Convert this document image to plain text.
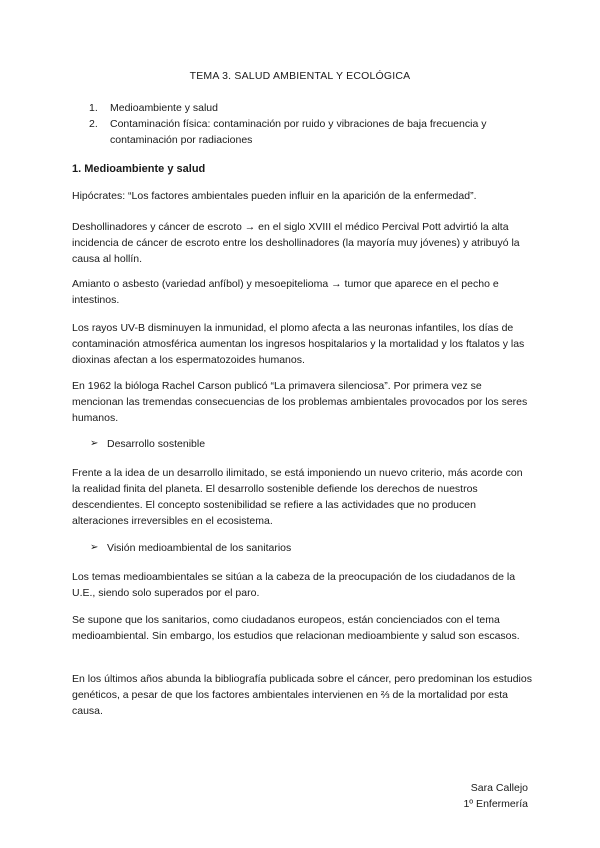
TEMA 3. SALUD AMBIENTAL Y ECOLÓGICA
1.	Medioambiente y salud
2.	Contaminación física: contaminación por ruido y vibraciones de baja frecuencia y contaminación por radiaciones
1. Medioambiente y salud

Hipócrates: “Los factores ambientales pueden influir en la aparición de la enfermedad”.

Deshollinadores y cáncer de escroto → en el siglo XVIII el médico Percival Pott advirtió la alta incidencia de cáncer de escroto entre los deshollinadores (la mayoría muy jóvenes) y atribuyó la causa al hollín.

Amianto o asbesto (variedad anfíbol) y mesoepitelioma → tumor que aparece en el pecho e intestinos.

Los rayos UV-B disminuyen la inmunidad, el plomo afecta a las neuronas infantiles, los días de contaminación atmosférica aumentan los ingresos hospitalarios y la mortalidad y los ftalatos y las dioxinas afectan a los espermatozoides humanos.

En 1962 la bióloga Rachel Carson publicó “La primavera silenciosa”. Por primera vez se mencionan las tremendas consecuencias de los problemas ambientales provocados por los seres humanos.

➢ Desarrollo sostenible

Frente a la idea de un desarrollo ilimitado, se está imponiendo un nuevo criterio, más acorde con la realidad finita del planeta. El desarrollo sostenible defiende los derechos de nuestros descendientes. El concepto sostenibilidad se refiere a las actividades que no producen alteraciones irreversibles en el ecosistema.

➢ Visión medioambiental de los sanitarios

Los temas medioambientales se sitúan a la cabeza de la preocupación de los ciudadanos de la U.E., siendo solo superados por el paro.

Se supone que los sanitarios, como ciudadanos europeos, están concienciados con el tema medioambiental. Sin embargo, los estudios que relacionan medioambiente y salud son escasos.

En los últimos años abunda la bibliografía publicada sobre el cáncer, pero predominan los estudios genéticos, a pesar de que los factores ambientales intervienen en ⅔ de la mortalidad por esta causa.

Sara Callejo
1º Enfermería
